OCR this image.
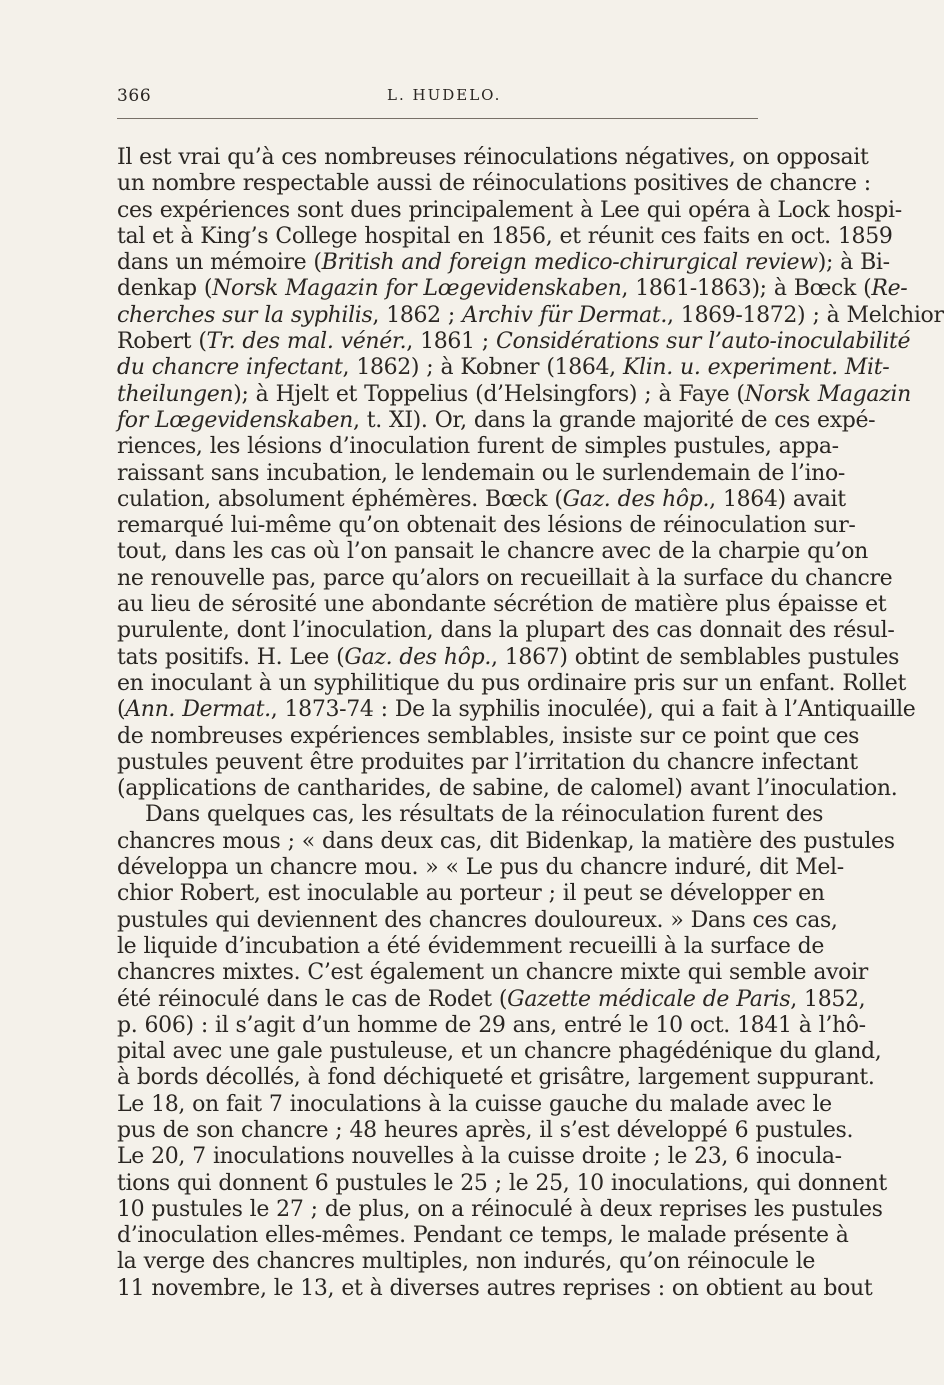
366	L. HUDELO.
Il est vrai qu’à ces nombreuses réinoculations négatives, on opposait
un nombre respectable aussi de réinoculations positives de chancre :
ces expériences sont dues principalement à Lee qui opéra à Lock hospi-
tal et à King’s College hospital en 1856, et réunit ces faits en oct. 1859
dans un mémoire (British and foreign medico-chirurgical review); à Bi-
denkap (Norsk Magazin for Lœgevidenskaben, 1861-1863); à Bœck (Re-
cherches sur la syphilis, 1862 ; Archiv für Dermat., 1869-1872) ; à Melchior
Robert (Tr. des mal. vénér., 1861 ; Considérations sur l’auto-inoculabilité
du chancre infectant, 1862) ; à Kobner (1864, Klin. u. experiment. Mit-
theilungen); à Hjelt et Toppelius (d’Helsingfors) ; à Faye (Norsk Magazin
for Lœgevidenskaben, t. XI). Or, dans la grande majorité de ces expé-
riences, les lésions d’inoculation furent de simples pustules, appa-
raissant sans incubation, le lendemain ou le surlendemain de l’ino-
culation, absolument éphémères. Bœck (Gaz. des hôp., 1864) avait
remarqué lui-même qu’on obtenait des lésions de réinoculation sur-
tout, dans les cas où l’on pansait le chancre avec de la charpie qu’on
ne renouvelle pas, parce qu’alors on recueillait à la surface du chancre
au lieu de sérosité une abondante sécrétion de matière plus épaisse et
purulente, dont l’inoculation, dans la plupart des cas donnait des résul-
tats positifs. H. Lee (Gaz. des hôp., 1867) obtint de semblables pustules
en inoculant à un syphilitique du pus ordinaire pris sur un enfant. Rollet
(Ann. Dermat., 1873-74 : De la syphilis inoculée), qui a fait à l’Antiquaille
de nombreuses expériences semblables, insiste sur ce point que ces
pustules peuvent être produites par l’irritation du chancre infectant
(applications de cantharides, de sabine, de calomel) avant l’inoculation.
Dans quelques cas, les résultats de la réinoculation furent des
chancres mous ; « dans deux cas, dit Bidenkap, la matière des pustules
développa un chancre mou. » « Le pus du chancre induré, dit Mel-
chior Robert, est inoculable au porteur ; il peut se développer en
pustules qui deviennent des chancres douloureux. » Dans ces cas,
le liquide d’incubation a été évidemment recueilli à la surface de
chancres mixtes. C’est également un chancre mixte qui semble avoir
été réinoculé dans le cas de Rodet (Gazette médicale de Paris, 1852,
p. 606) : il s’agit d’un homme de 29 ans, entré le 10 oct. 1841 à l’hô-
pital avec une gale pustuleuse, et un chancre phagédénique du gland,
à bords décollés, à fond déchiqueté et grisâtre, largement suppurant.
Le 18, on fait 7 inoculations à la cuisse gauche du malade avec le
pus de son chancre ; 48 heures après, il s’est développé 6 pustules.
Le 20, 7 inoculations nouvelles à la cuisse droite ; le 23, 6 inocula-
tions qui donnent 6 pustules le 25 ; le 25, 10 inoculations, qui donnent
10 pustules le 27 ; de plus, on a réinoculé à deux reprises les pustules
d’inoculation elles-mêmes. Pendant ce temps, le malade présente à
la verge des chancres multiples, non indurés, qu’on réinocule le
11 novembre, le 13, et à diverses autres reprises : on obtient au bout
